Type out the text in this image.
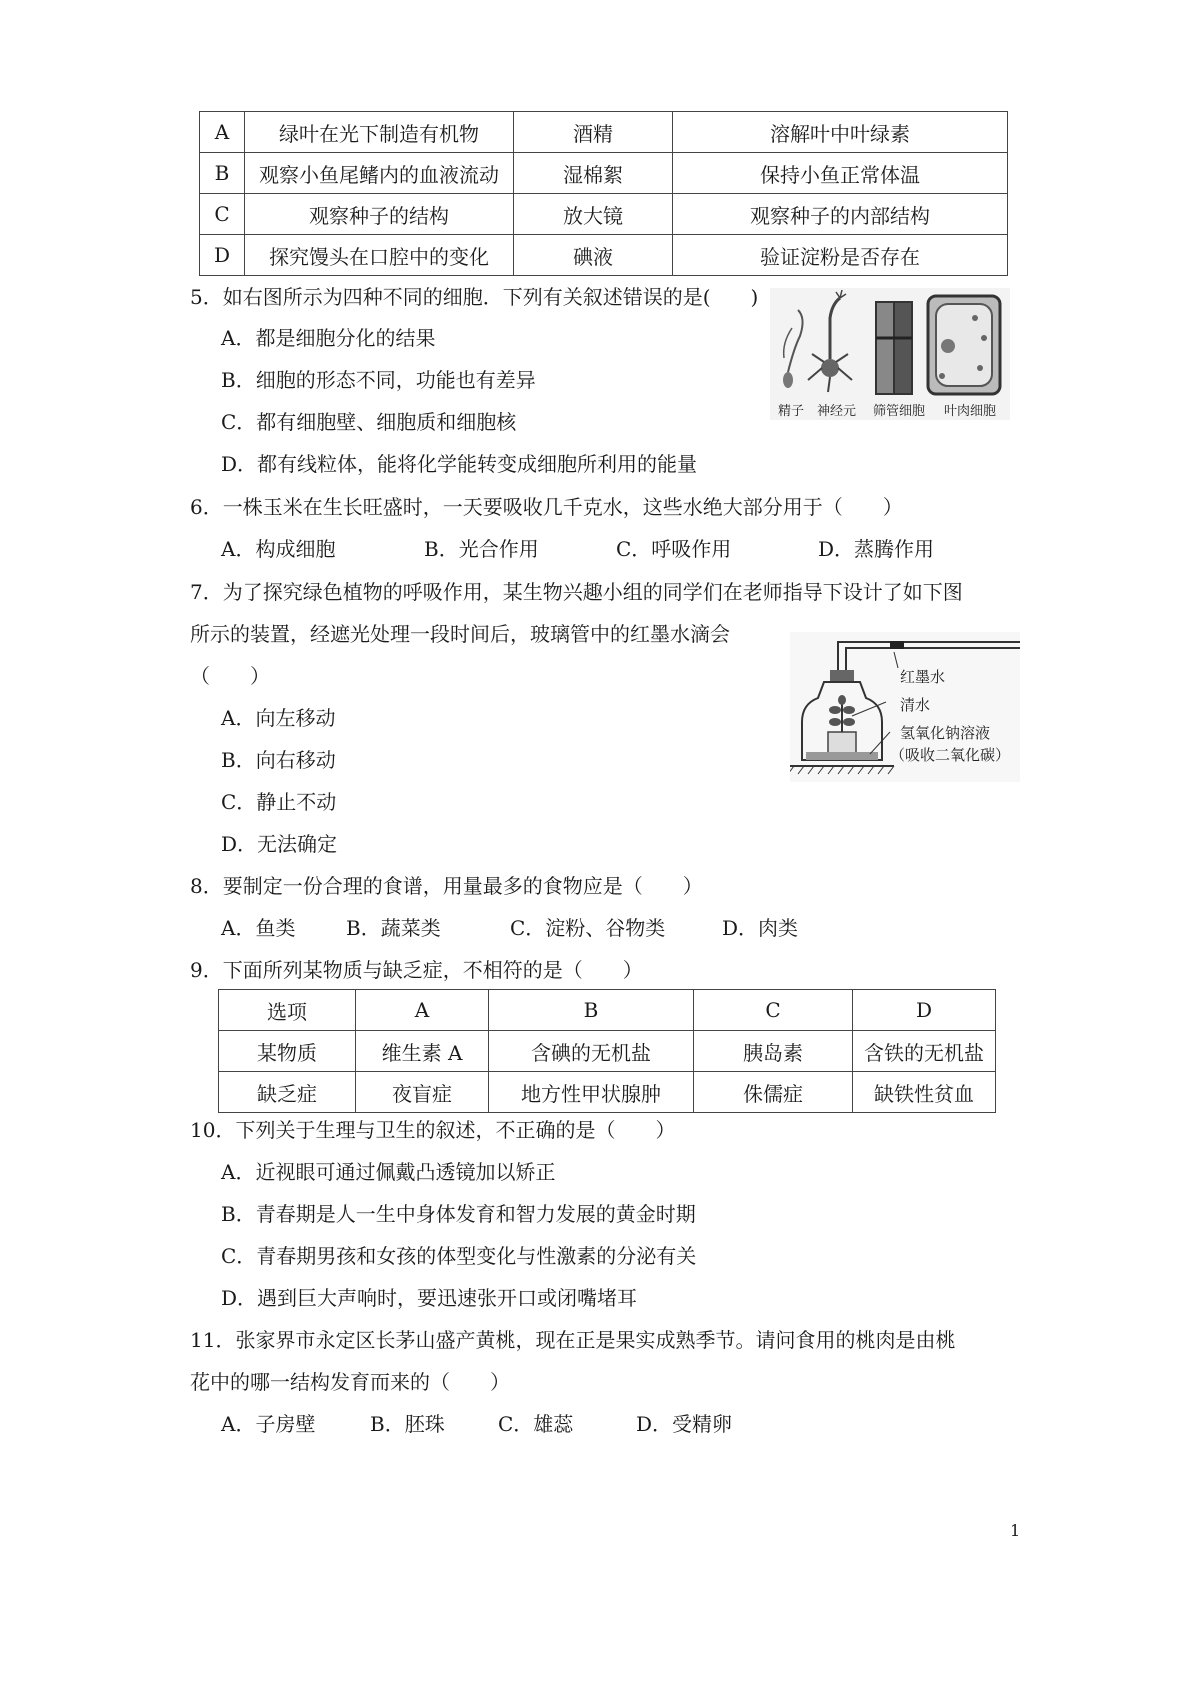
A	绿叶在光下制造有机物	酒精	溶解叶中叶绿素
B	观察小鱼尾鳍内的血液流动	湿棉絮	保持小鱼正常体温
C	观察种子的结构	放大镜	观察种子的内部结构
D	探究馒头在口腔中的变化	碘液	验证淀粉是否存在
5．如右图所示为四种不同的细胞．下列有关叙述错误的是(　　)
A．都是细胞分化的结果
B．细胞的形态不同，功能也有差异
C．都有细胞壁、细胞质和细胞核
D．都有线粒体，能将化学能转变成细胞所利用的能量
精子 神经元 筛管细胞 叶肉细胞
6．一株玉米在生长旺盛时，一天要吸收几千克水，这些水绝大部分用于（　　）
A．构成细胞	B．光合作用	C．呼吸作用	D．蒸腾作用
7．为了探究绿色植物的呼吸作用，某生物兴趣小组的同学们在老师指导下设计了如下图
所示的装置，经遮光处理一段时间后，玻璃管中的红墨水滴会
（　　）
A．向左移动
B．向右移动
C．静止不动
D．无法确定
红墨水
清水
氢氧化钠溶液
（吸收二氧化碳）
8．要制定一份合理的食谱，用量最多的食物应是（　　）
A．鱼类	B．蔬菜类	C．淀粉、谷物类	D．肉类
9．下面所列某物质与缺乏症，不相符的是（　　）
选项	A	B	C	D
某物质	维生素 A	含碘的无机盐	胰岛素	含铁的无机盐
缺乏症	夜盲症	地方性甲状腺肿	侏儒症	缺铁性贫血
10．下列关于生理与卫生的叙述，不正确的是（　　）
A．近视眼可通过佩戴凸透镜加以矫正
B．青春期是人一生中身体发育和智力发展的黄金时期
C．青春期男孩和女孩的体型变化与性激素的分泌有关
D．遇到巨大声响时，要迅速张开口或闭嘴堵耳
11．张家界市永定区长茅山盛产黄桃，现在正是果实成熟季节。请问食用的桃肉是由桃
花中的哪一结构发育而来的（　　）
A．子房壁	B．胚珠	C．雄蕊	D．受精卵
1
